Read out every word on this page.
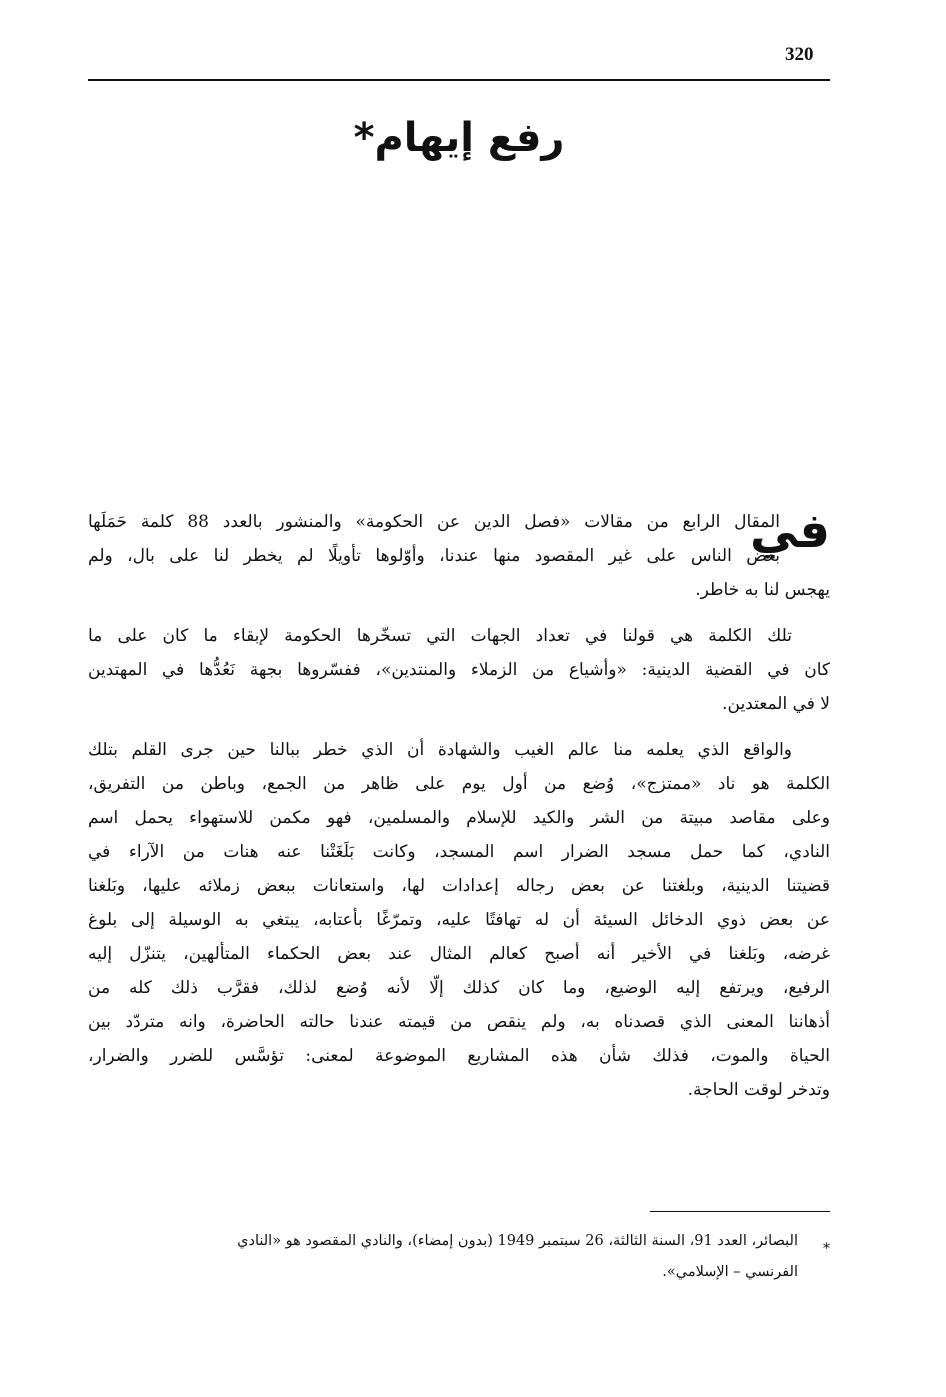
320
رفع إيهام*
في
المقال الرابع من مقالات «فصل الدين عن الحكومة» والمنشور بالعدد 88 كلمة حَمَلَها
بعض الناس على غير المقصود منها عندنا، وأوّلوها تأويلًا لم يخطر لنا على بال، ولم
يهجس لنا به خاطر.
تلك الكلمة هي قولنا في تعداد الجهات التي تسخّرها الحكومة لإبقاء ما كان على ما
كان في القضية الدينية: «وأشياع من الزملاء والمنتدين»، ففسّروها بجهة نَعُدُّها في المهتدين
لا في المعتدين.
والواقع الذي يعلمه منا عالم الغيب والشهادة أن الذي خطر ببالنا حين جرى القلم بتلك
الكلمة هو ناد «ممتزج»، وُضع من أول يوم على ظاهر من الجمع، وباطن من التفريق،
وعلى مقاصد مبيتة من الشر والكيد للإسلام والمسلمين، فهو مكمن للاستهواء يحمل اسم
النادي، كما حمل مسجد الضرار اسم المسجد، وكانت بَلَغَتْنا عنه هنات من الآراء في
قضيتنا الدينية، وبلغتنا عن بعض رجاله إعدادات لها، واستعانات ببعض زملائه عليها، وبَلغنا
عن بعض ذوي الدخائل السيئة أن له تهافتًا عليه، وتمرّغًا بأعتابه، يبتغي به الوسيلة إلى بلوغ
غرضه، وبَلغنا في الأخير أنه أصبح كعالم المثال عند بعض الحكماء المتألهين، يتنزّل إليه
الرفيع، ويرتفع إليه الوضيع، وما كان كذلك إلّا لأنه وُضع لذلك، فقرَّب ذلك كله من
أذهاننا المعنى الذي قصدناه به، ولم ينقص من قيمته عندنا حالته الحاضرة، وانه متردّد بين
الحياة والموت، فذلك شأن هذه المشاريع الموضوعة لمعنى: تؤسَّس للضرر والضرار،
وتدخر لوقت الحاجة.
*
البصائر، العدد 91، السنة الثالثة، 26 سبتمبر 1949 (بدون إمضاء)، والنادي المقصود هو «النادي
الفرنسي – الإسلامي».
